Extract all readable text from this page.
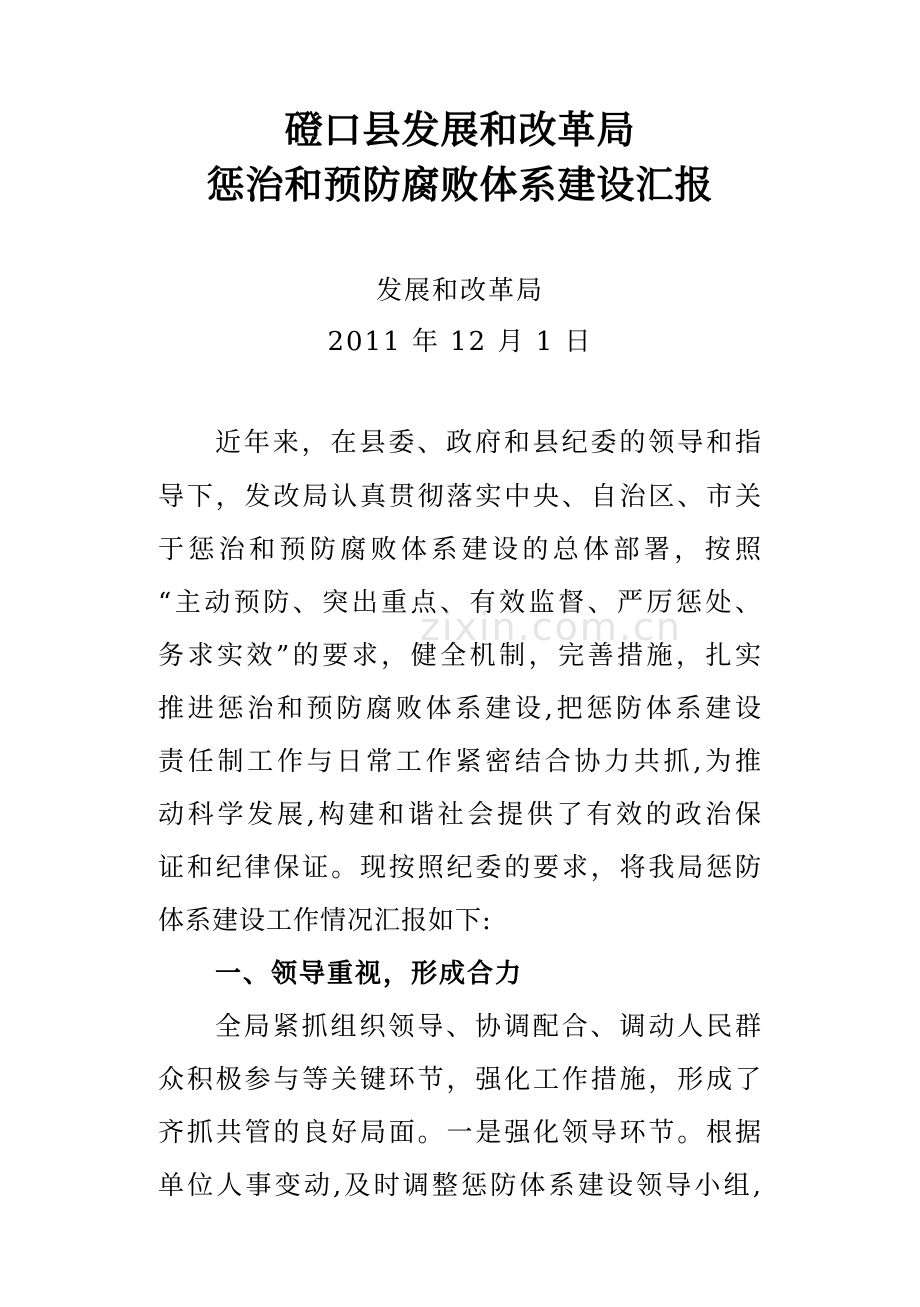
磴口县发展和改革局
惩治和预防腐败体系建设汇报
发展和改革局
2011 年 12 月 1 日
近年来，在县委、政府和县纪委的领导和指
导下，发改局认真贯彻落实中央、自治区、市关
于惩治和预防腐败体系建设的总体部署，按照
“主动预防、突出重点、有效监督、严厉惩处、
务求实效”的要求，健全机制，完善措施，扎实
推进惩治和预防腐败体系建设,把惩防体系建设
责任制工作与日常工作紧密结合协力共抓,为推
动科学发展,构建和谐社会提供了有效的政治保
证和纪律保证。现按照纪委的要求，将我局惩防
体系建设工作情况汇报如下:
一、领导重视，形成合力
全局紧抓组织领导、协调配合、调动人民群
众积极参与等关键环节，强化工作措施，形成了
齐抓共管的良好局面。一是强化领导环节。根据
单位人事变动,及时调整惩防体系建设领导小组,
zixin.com.cn
